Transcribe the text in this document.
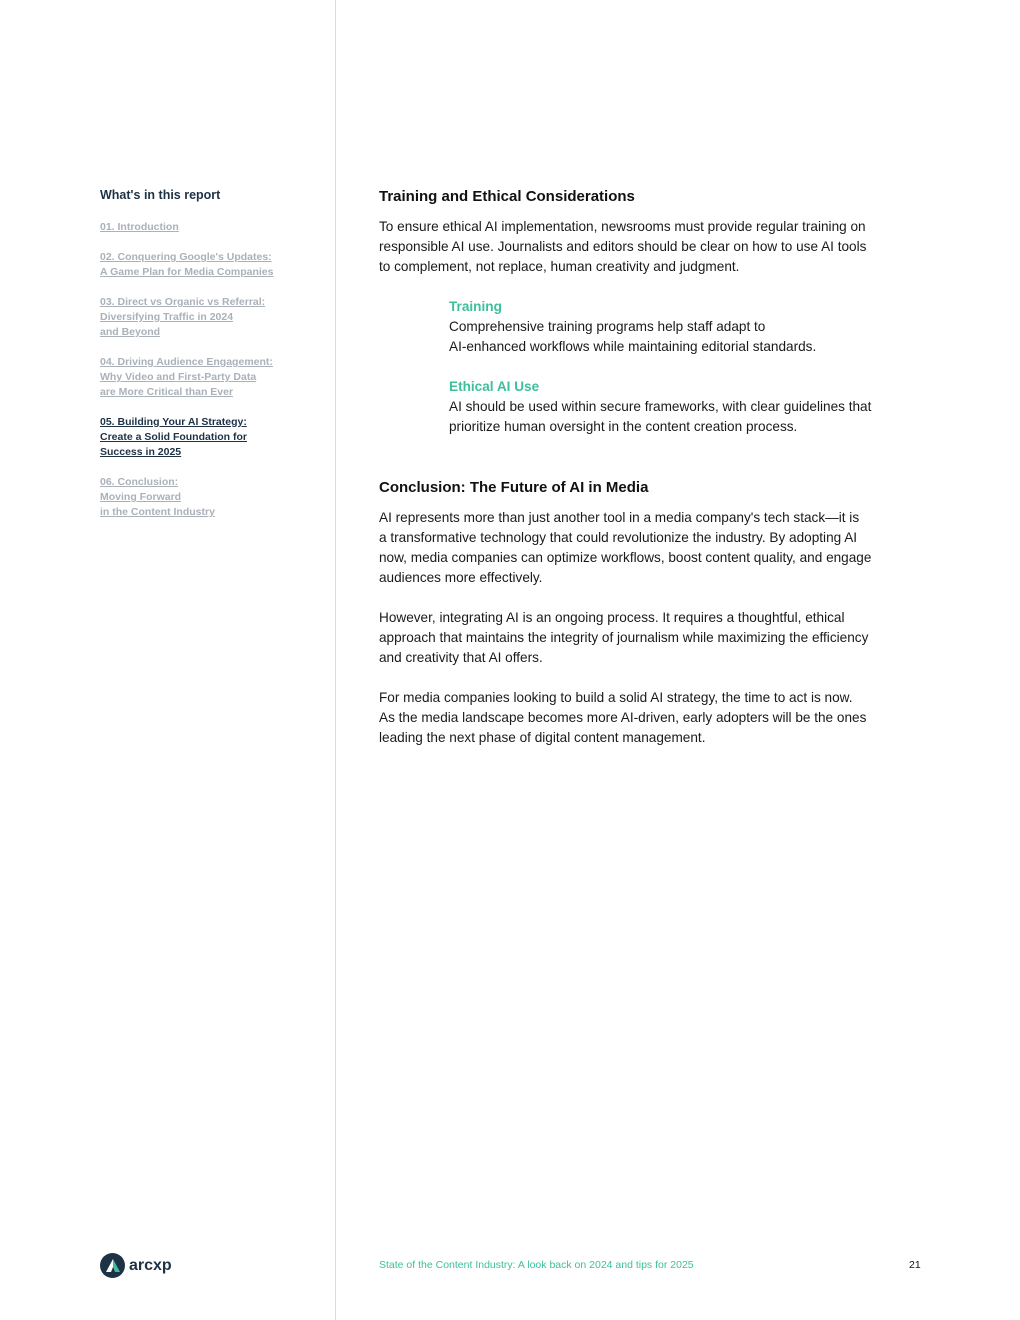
What's in this report
01. Introduction
02. Conquering Google's Updates:
A Game Plan for Media Companies
03. Direct vs Organic vs Referral:
Diversifying Traffic in 2024
and Beyond
04. Driving Audience Engagement:
Why Video and First-Party Data
are More Critical than Ever
05. Building Your AI Strategy:
Create a Solid Foundation for
Success in 2025
06. Conclusion:
Moving Forward
in the Content Industry
Training and Ethical Considerations

To ensure ethical AI implementation, newsrooms must provide regular training on
responsible AI use. Journalists and editors should be clear on how to use AI tools
to complement, not replace, human creativity and judgment.

Training

Comprehensive training programs help staff adapt to
AI-enhanced workflows while maintaining editorial standards.

Ethical AI Use

AI should be used within secure frameworks, with clear guidelines that
prioritize human oversight in the content creation process.

Conclusion: The Future of AI in Media

AI represents more than just another tool in a media company's tech stack—it is
a transformative technology that could revolutionize the industry. By adopting AI
now, media companies can optimize workflows, boost content quality, and engage
audiences more effectively.

However, integrating AI is an ongoing process. It requires a thoughtful, ethical
approach that maintains the integrity of journalism while maximizing the efficiency
and creativity that AI offers.

For media companies looking to build a solid AI strategy, the time to act is now.
As the media landscape becomes more AI-driven, early adopters will be the ones
leading the next phase of digital content management.

arcxp	State of the Content Industry: A look back on 2024 and tips for 2025	21
